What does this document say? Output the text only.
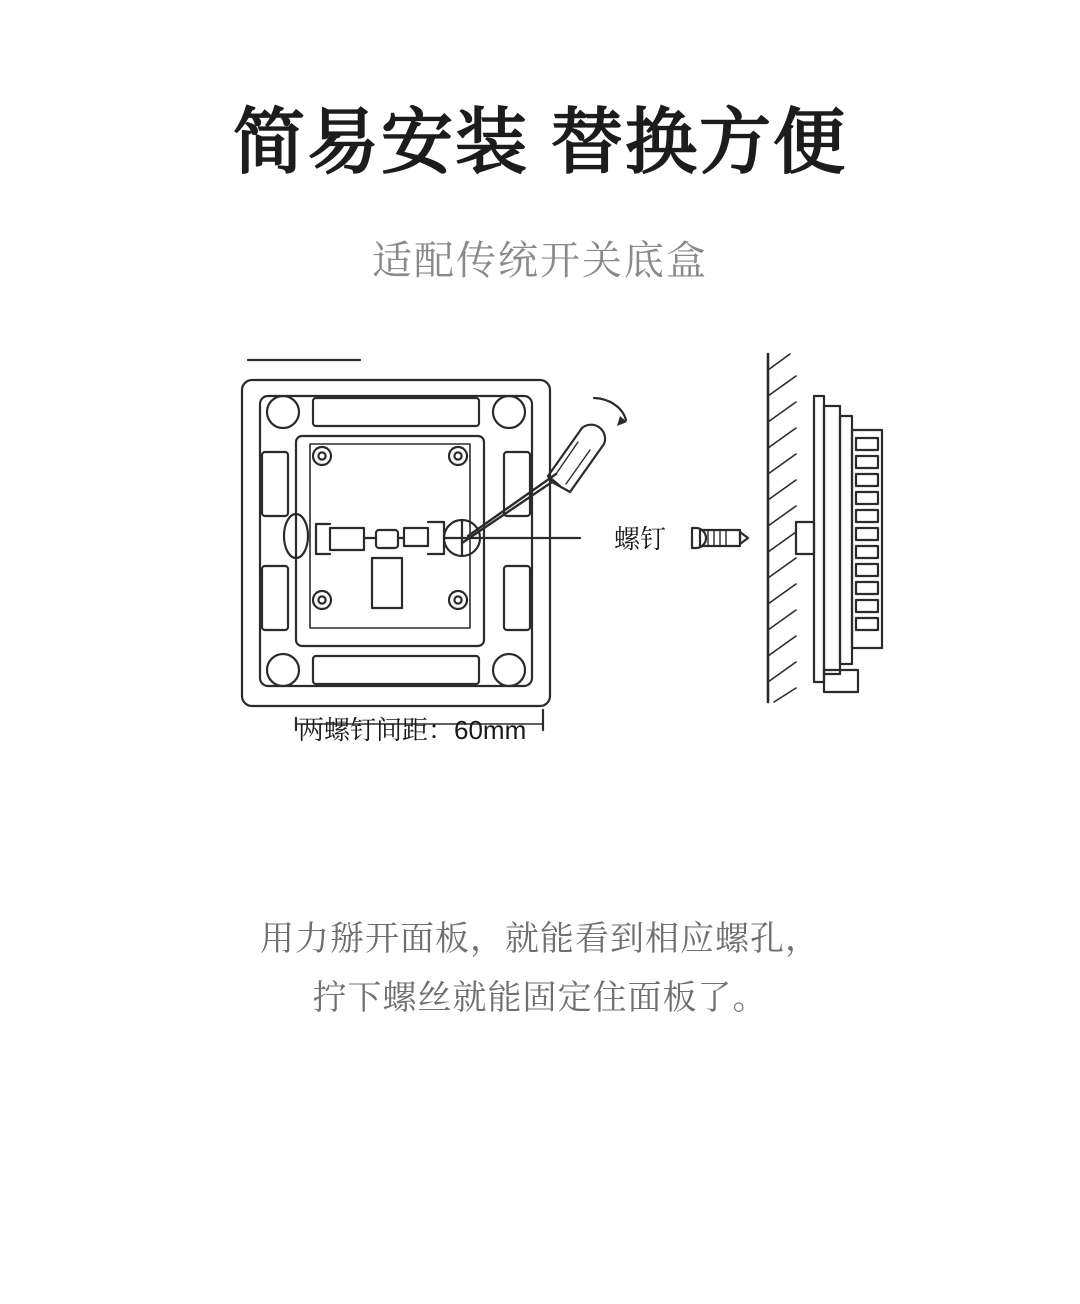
简易安装 替换方便
适配传统开关底盒
螺钉
两螺钉间距：60mm
用力掰开面板，就能看到相应螺孔，
拧下螺丝就能固定住面板了。
